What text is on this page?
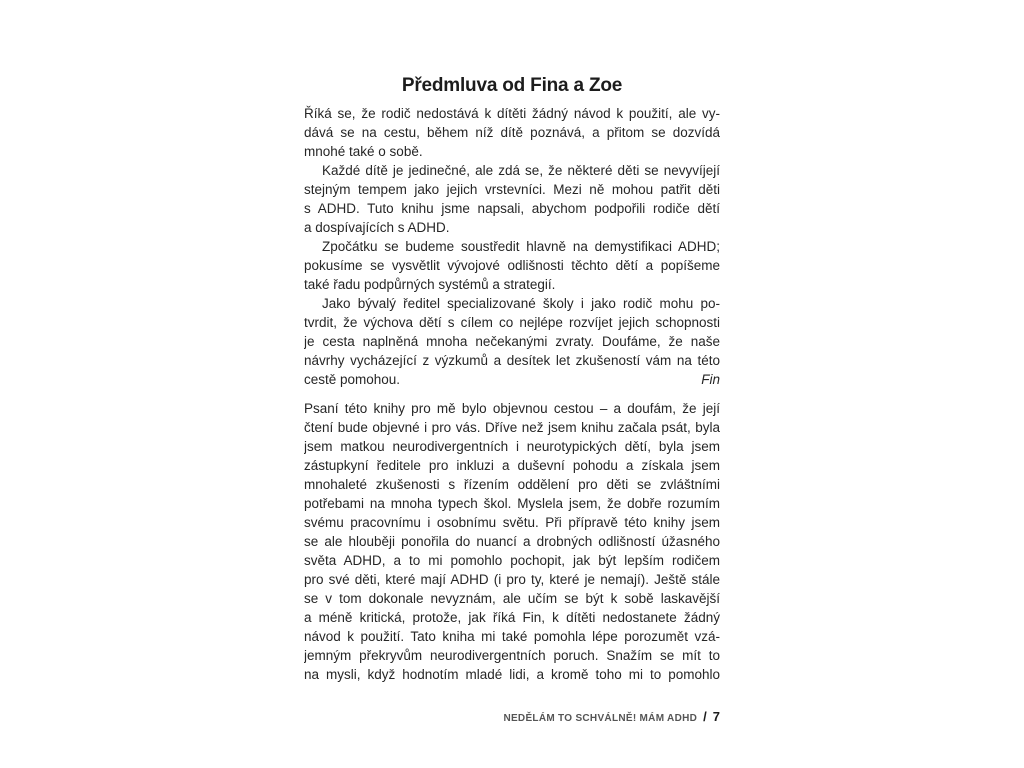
Předmluva od Fina a Zoe
Říká se, že rodič nedostává k dítěti žádný návod k použití, ale vy-
dává se na cestu, během níž dítě poznává, a přitom se dozvídá
mnohé také o sobě.
Každé dítě je jedinečné, ale zdá se, že některé děti se nevyvíjejí
stejným tempem jako jejich vrstevníci. Mezi ně mohou patřit děti
s ADHD. Tuto knihu jsme napsali, abychom podpořili rodiče dětí
a dospívajících s ADHD.
Zpočátku se budeme soustředit hlavně na demystifikaci ADHD;
pokusíme se vysvětlit vývojové odlišnosti těchto dětí a popíšeme
také řadu podpůrných systémů a strategií.
Jako bývalý ředitel specializované školy i jako rodič mohu po-
tvrdit, že výchova dětí s cílem co nejlépe rozvíjet jejich schopnosti
je cesta naplněná mnoha nečekanými zvraty. Doufáme, že naše
návrhy vycházející z výzkumů a desítek let zkušeností vám na této
cestě pomohou.	Fin
Psaní této knihy pro mě bylo objevnou cestou – a doufám, že její
čtení bude objevné i pro vás. Dříve než jsem knihu začala psát, byla
jsem matkou neurodivergentních i neurotypických dětí, byla jsem
zástupkyní ředitele pro inkluzi a duševní pohodu a získala jsem
mnohaleté zkušenosti s řízením oddělení pro děti se zvláštními
potřebami na mnoha typech škol. Myslela jsem, že dobře rozumím
svému pracovnímu i osobnímu světu. Při přípravě této knihy jsem
se ale hlouběji ponořila do nuancí a drobných odlišností úžasného
světa ADHD, a to mi pomohlo pochopit, jak být lepším rodičem
pro své děti, které mají ADHD (i pro ty, které je nemají). Ještě stále
se v tom dokonale nevyznám, ale učím se být k sobě laskavější
a méně kritická, protože, jak říká Fin, k dítěti nedostanete žádný
návod k použití. Tato kniha mi také pomohla lépe porozumět vzá-
jemným překryvům neurodivergentních poruch. Snažím se mít to
na mysli, když hodnotím mladé lidi, a kromě toho mi to pomohlo
NEDĚLÁM TO SCHVÁLNĚ! MÁM ADHD / 7
